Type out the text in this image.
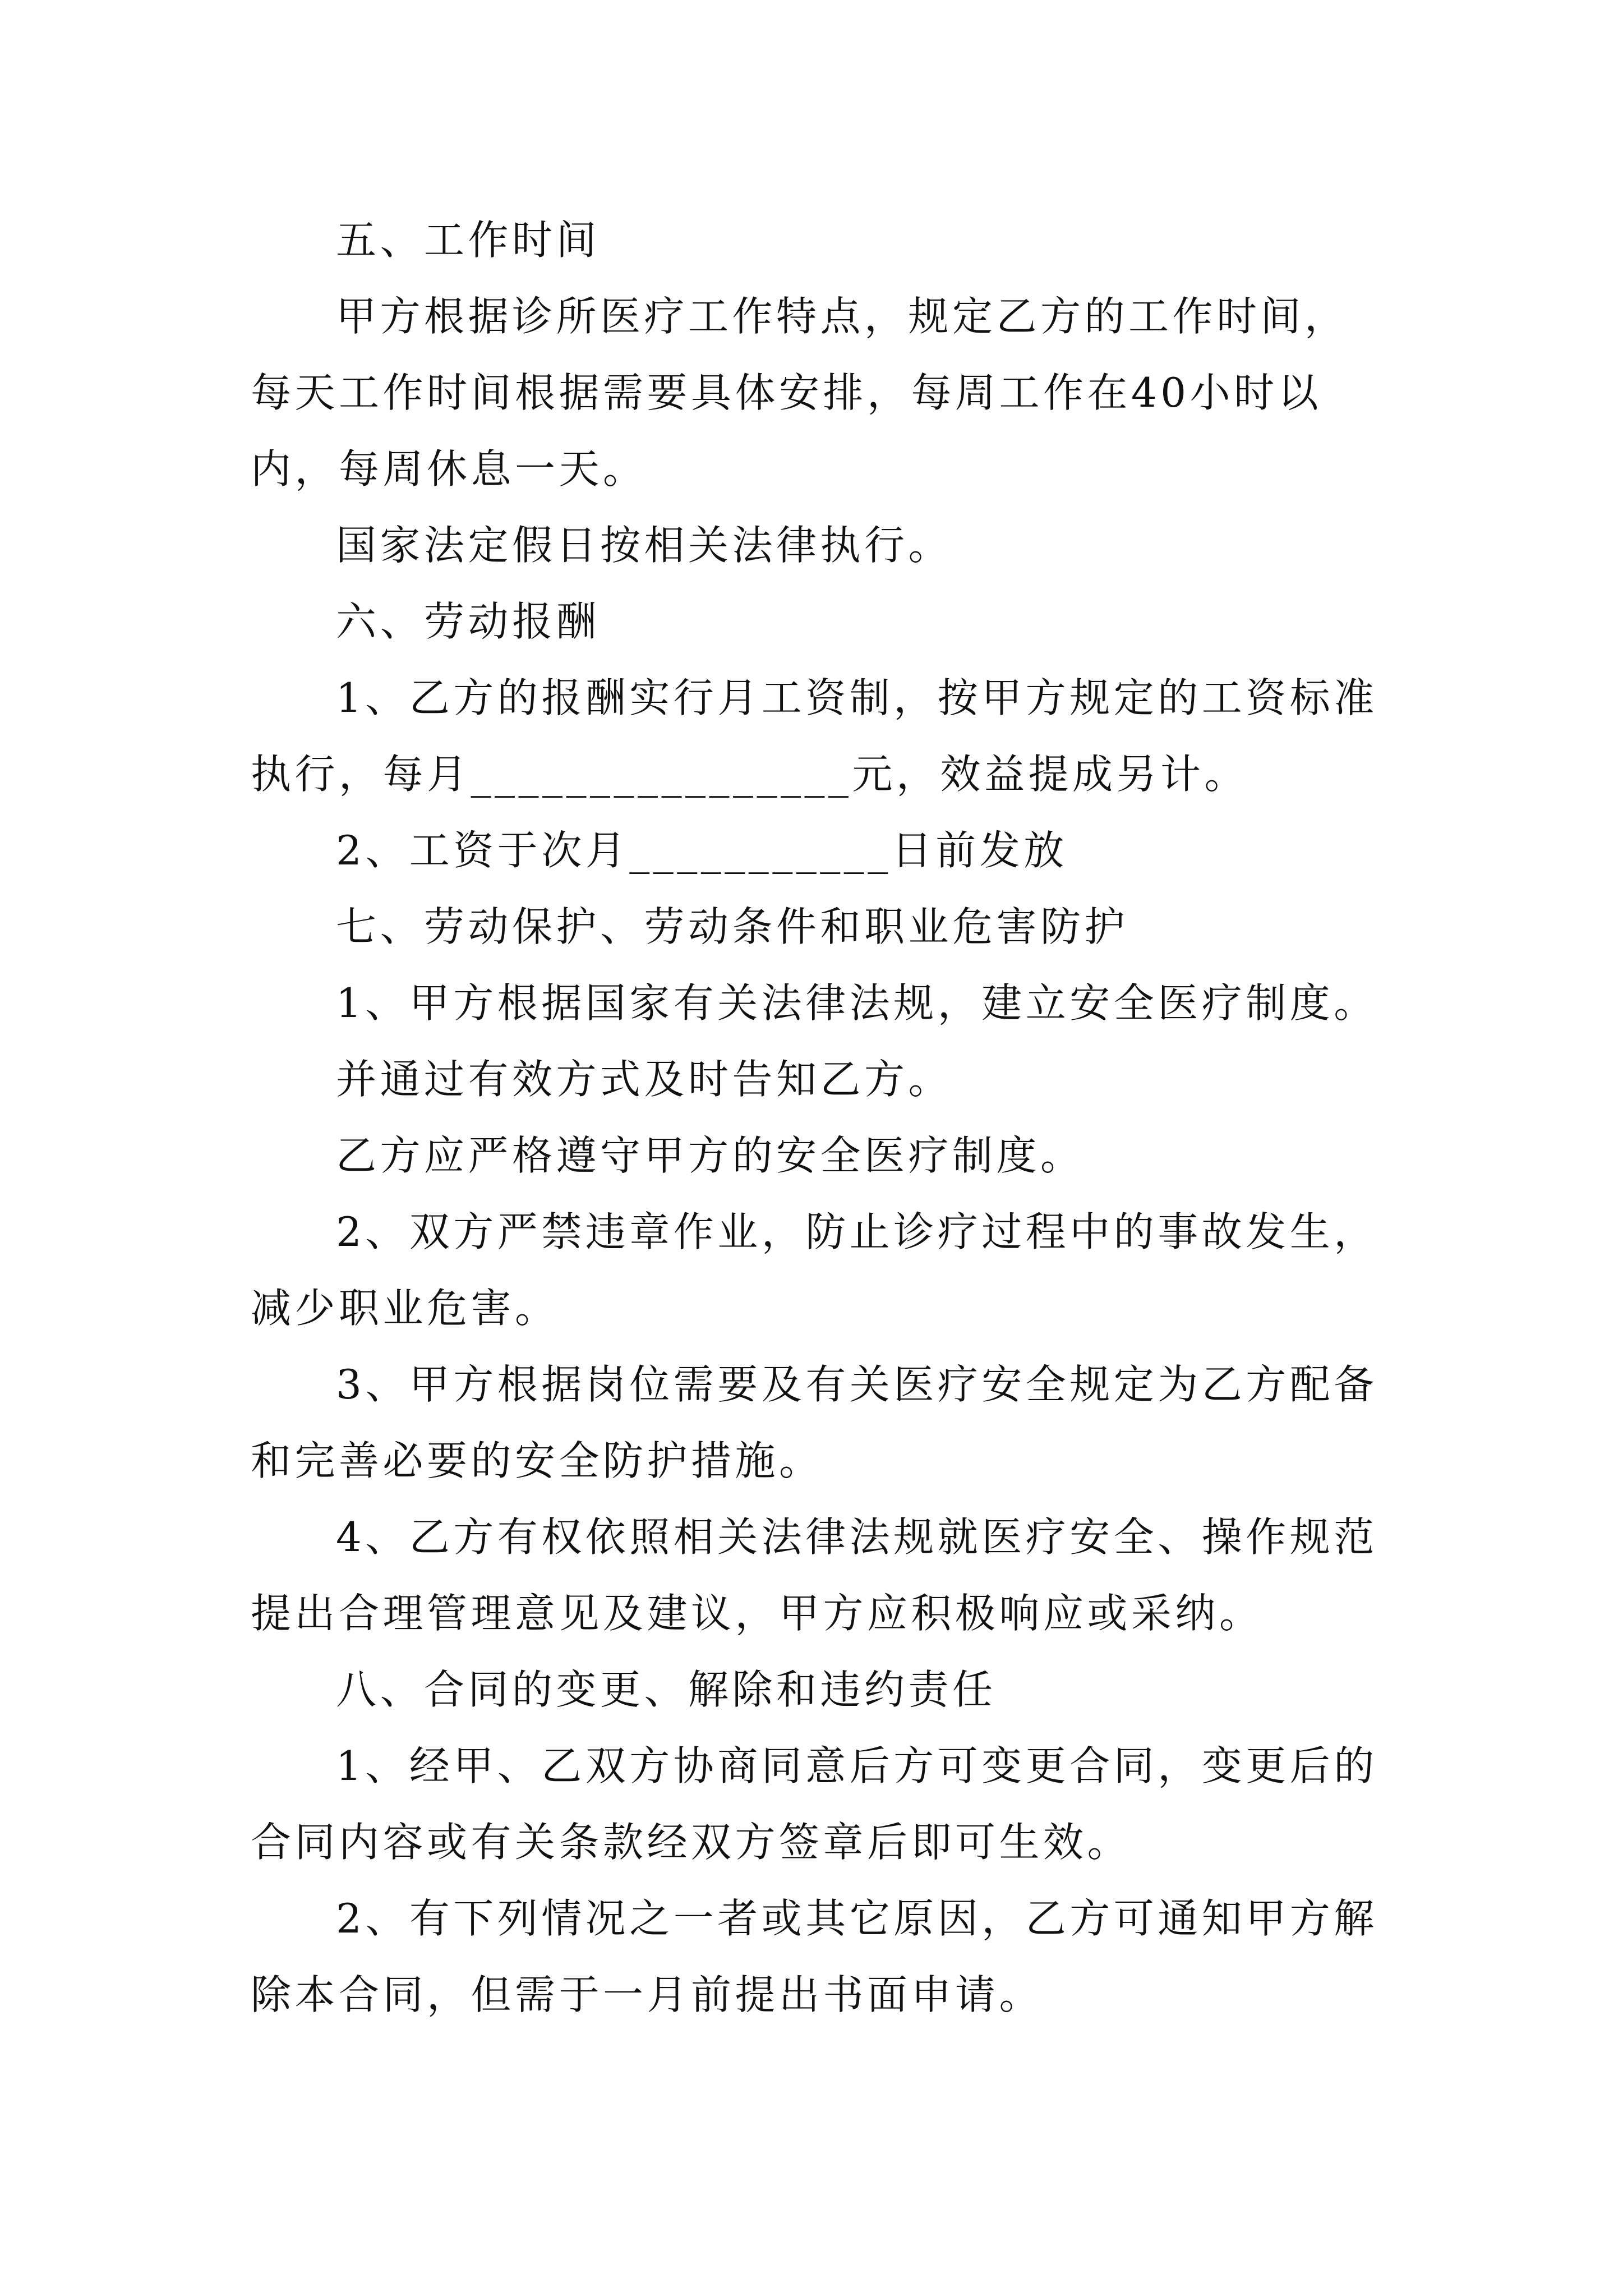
五、工作时间

甲方根据诊所医疗工作特点，规定乙方的工作时间，每天工作时间根据需要具体安排，每周工作在40小时以内，每周休息一天。

国家法定假日按相关法律执行。

六、劳动报酬

1、乙方的报酬实行月工资制，按甲方规定的工资标准执行，每月________________元，效益提成另计。

2、工资于次月___________日前发放

七、劳动保护、劳动条件和职业危害防护

1、甲方根据国家有关法律法规，建立安全医疗制度。

并通过有效方式及时告知乙方。

乙方应严格遵守甲方的安全医疗制度。

2、双方严禁违章作业，防止诊疗过程中的事故发生，减少职业危害。

3、甲方根据岗位需要及有关医疗安全规定为乙方配备和完善必要的安全防护措施。

4、乙方有权依照相关法律法规就医疗安全、操作规范提出合理管理意见及建议，甲方应积极响应或采纳。

八、合同的变更、解除和违约责任

1、经甲、乙双方协商同意后方可变更合同，变更后的合同内容或有关条款经双方签章后即可生效。

2、有下列情况之一者或其它原因，乙方可通知甲方解除本合同，但需于一月前提出书面申请。
